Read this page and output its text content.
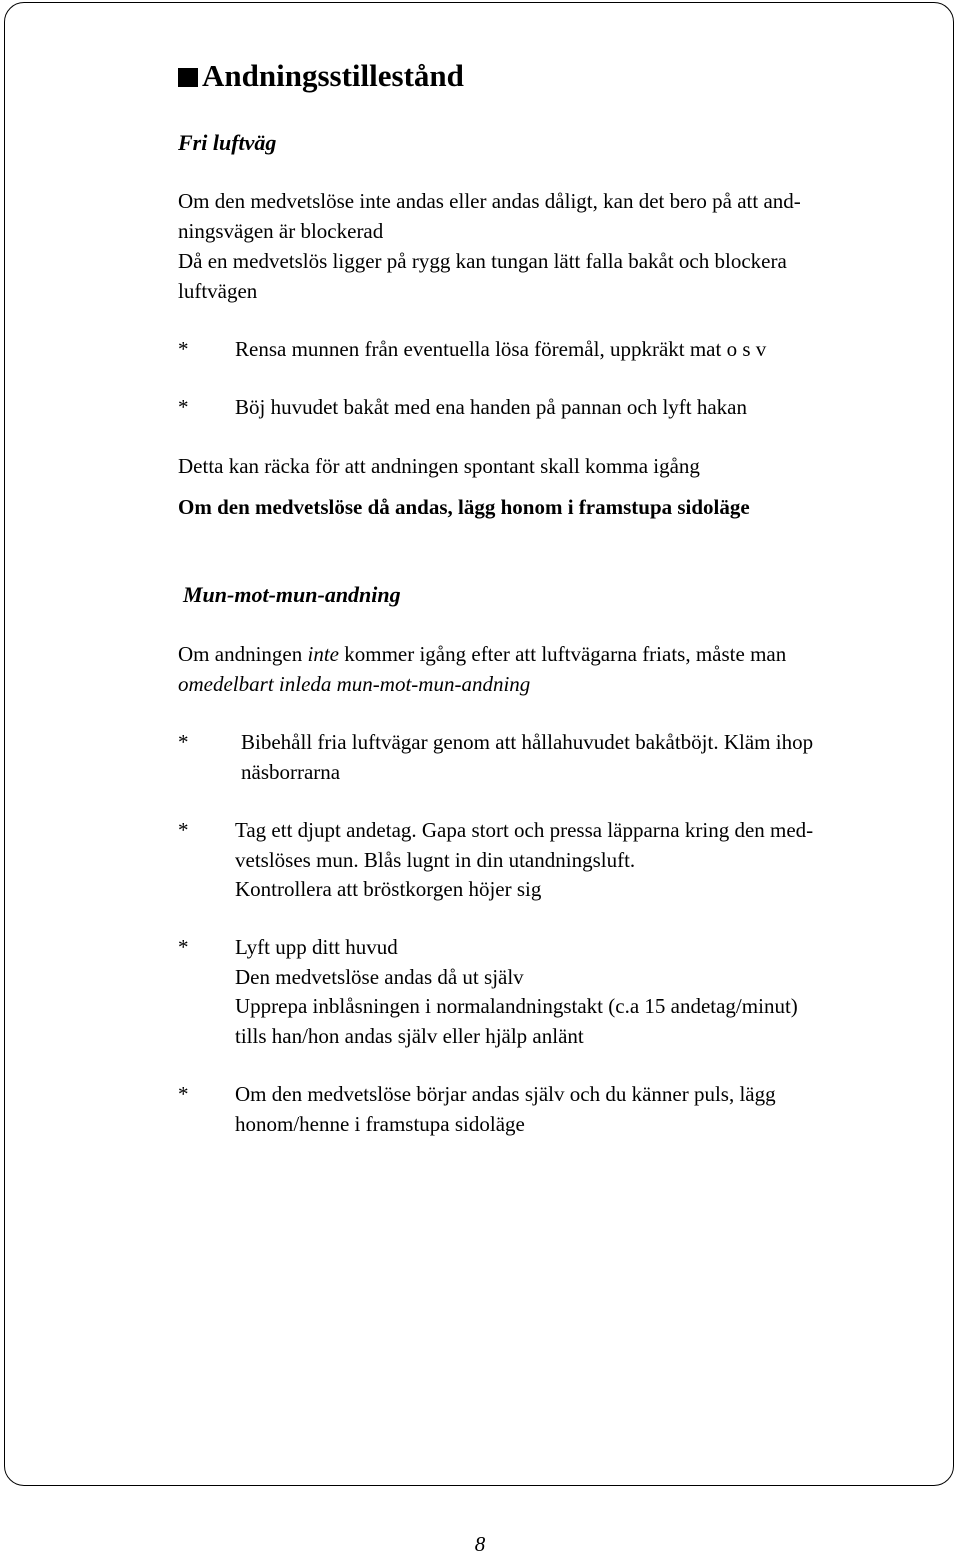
Andningsstillestånd
Fri luftväg
Om den medvetslöse inte andas eller andas dåligt, kan det bero på att and-
ningsvägen är blockerad
Då en medvetslös ligger på rygg kan tungan lätt falla bakåt och blockera
luftvägen
* Rensa munnen från eventuella lösa föremål, uppkräkt mat o s v
* Böj huvudet bakåt med ena handen på pannan och lyft hakan

Detta kan räcka för att andningen spontant skall komma igång

Om den medvetslöse då andas, lägg honom i framstupa sidoläge

Mun-mot-mun-andning
Om andningen inte kommer igång efter att luftvägarna friats, måste man
omedelbart inleda mun-mot-mun-andning
*	Bibehåll fria luftvägar genom att hållahuvudet bakåtböjt. Kläm ihop
näsborrarna
* Tag ett djupt andetag. Gapa stort och pressa läpparna kring den med-
vetslöses mun. Blås lugnt in din utandningsluft.
Kontrollera att bröstkorgen höjer sig
* Lyft upp ditt huvud
Den medvetslöse andas då ut själv
Upprepa inblåsningen i normalandningstakt (c.a 15 andetag/minut)
tills han/hon andas själv eller hjälp anlänt
* Om den medvetslöse börjar andas själv och du känner puls, lägg
honom/henne i framstupa sidoläge
8
